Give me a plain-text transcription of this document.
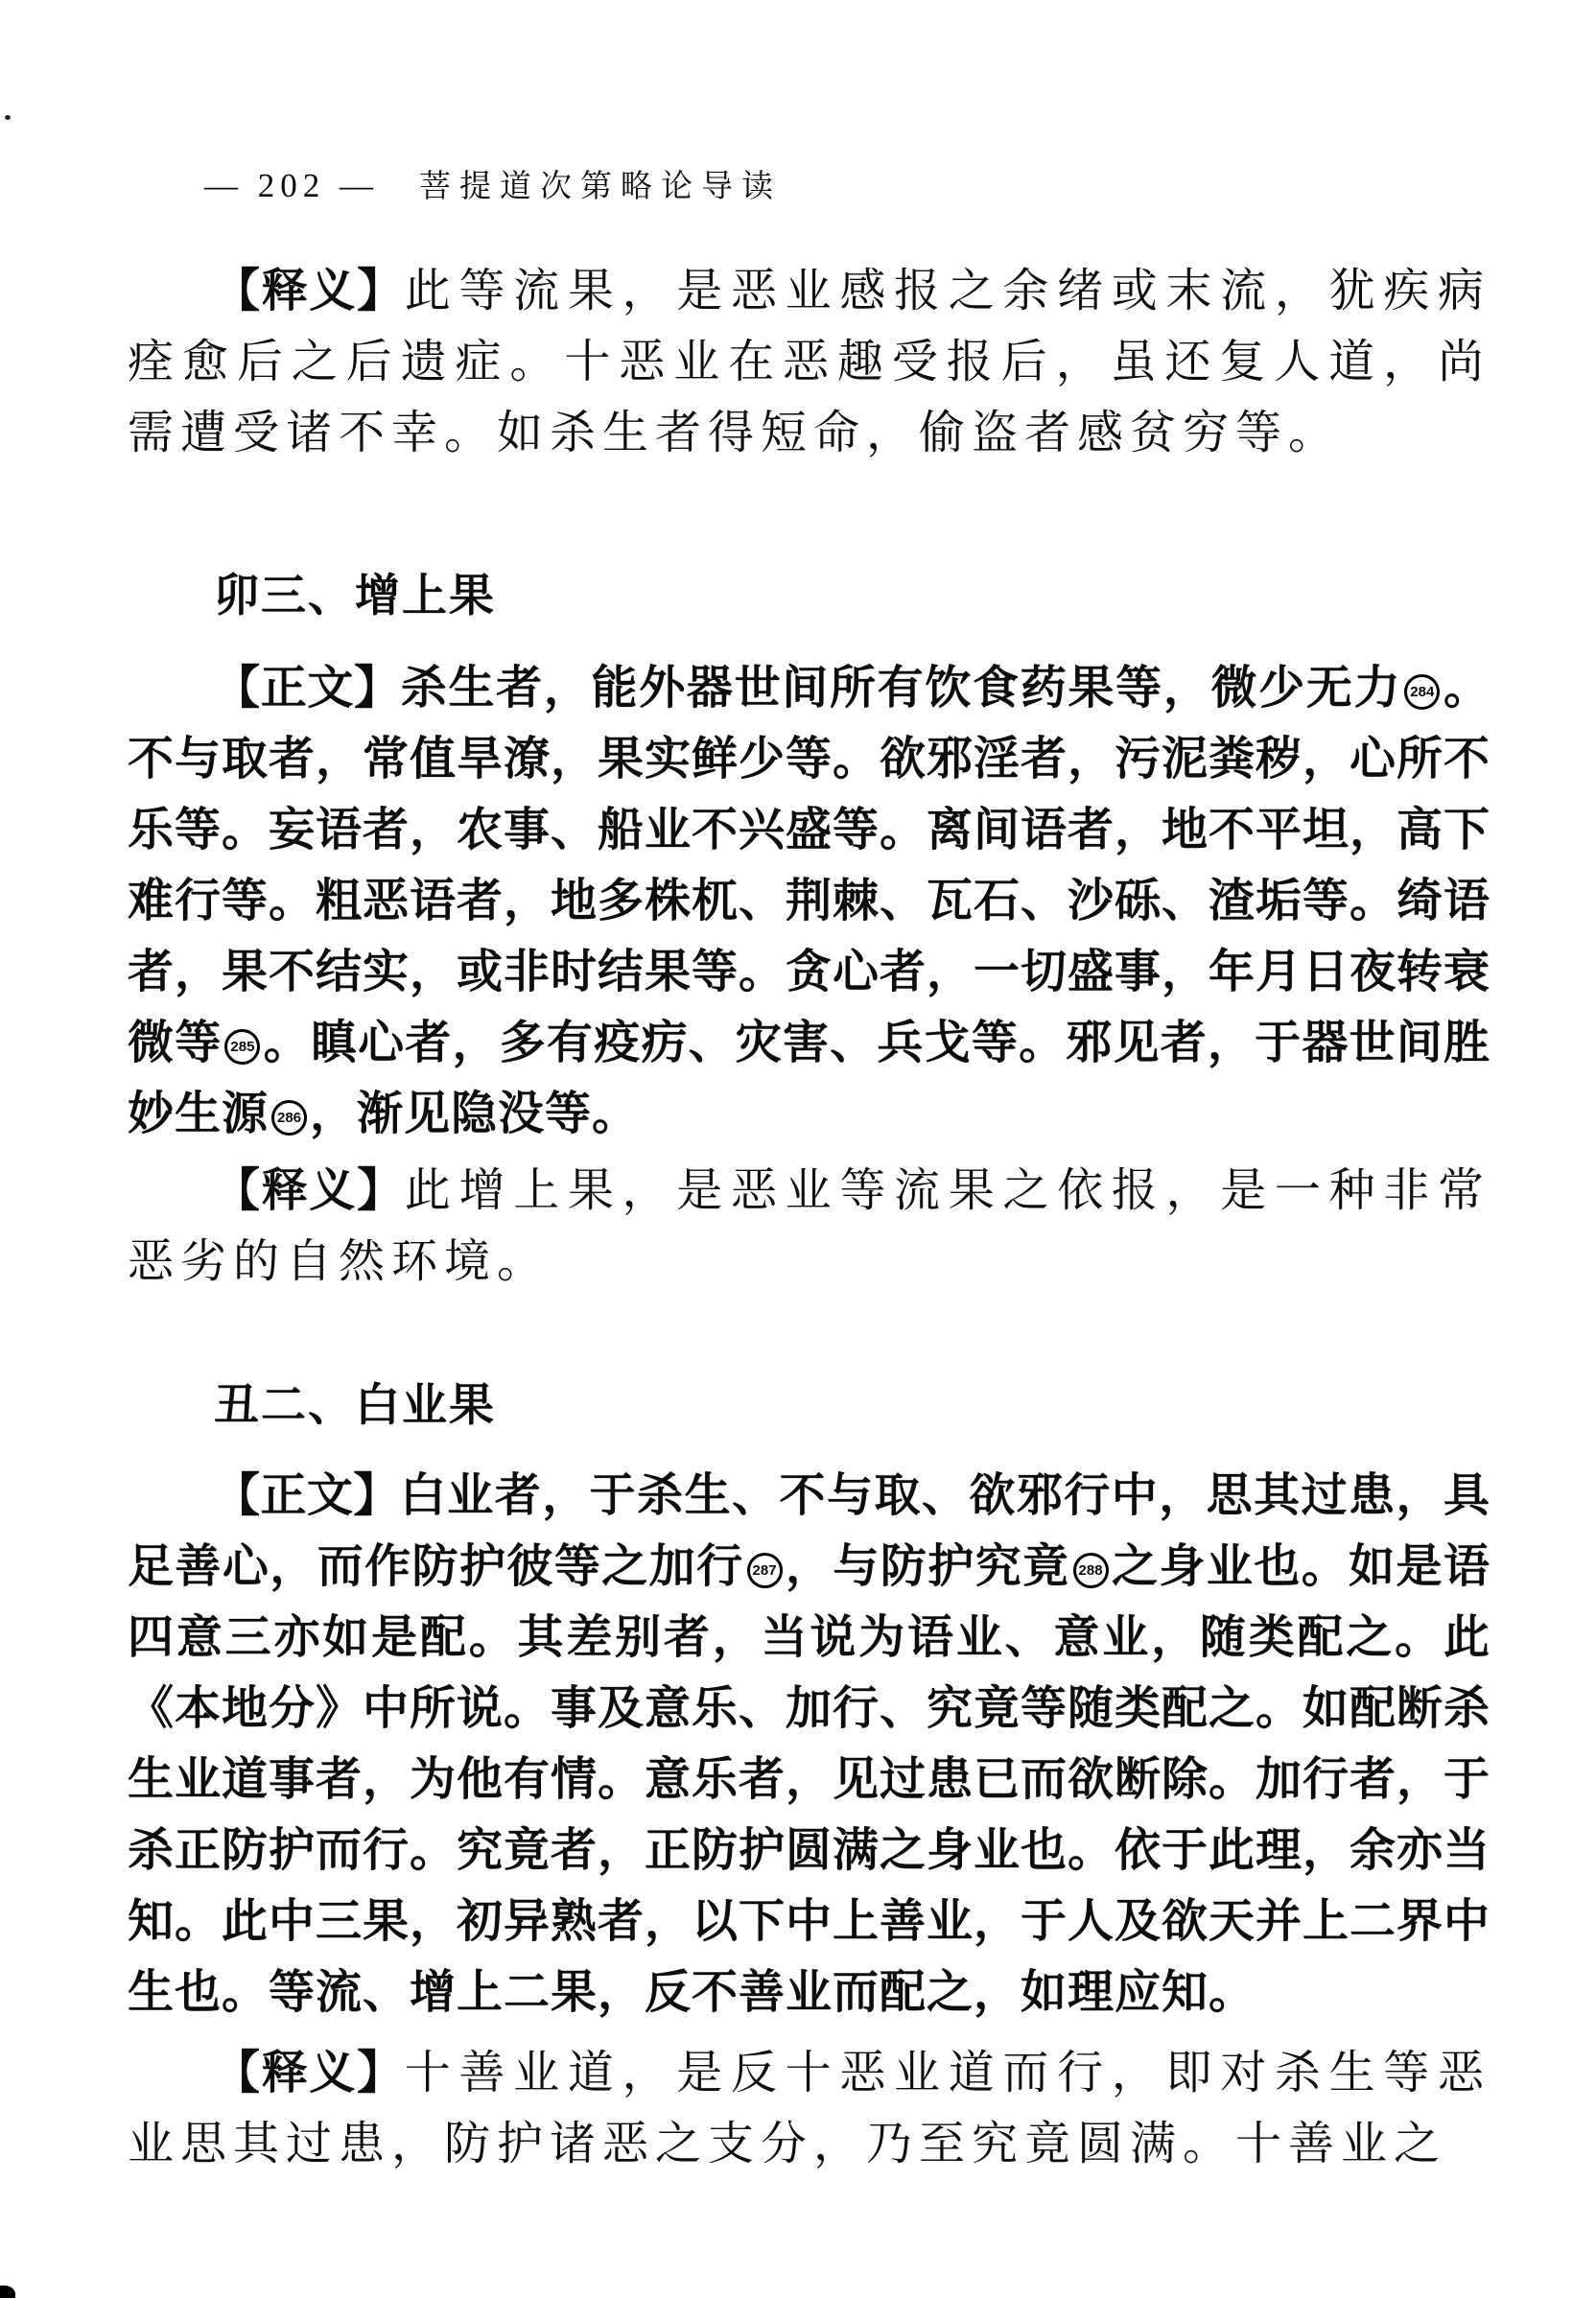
— 202 — 菩提道次第略论导读

【释义】此等流果，是恶业感报之余绪或末流，犹疾病痊愈后之后遗症。十恶业在恶趣受报后，虽还复人道，尚需遭受诸不幸。如杀生者得短命，偷盗者感贫穷等。

卯三、增上果

【正文】杀生者，能外器世间所有饮食药果等，微少无力 284 。不与取者，常值旱潦，果实鲜少等。欲邪淫者，污泥粪秽，心所不乐等。妄语者，农事、船业不兴盛等。离间语者，地不平坦，高下难行等。粗恶语者，地多株杌、荆棘、瓦石、沙砾、渣垢等。绮语者，果不结实，或非时结果等。贪心者，一切盛事，年月日夜转衰微等 285 。瞋心者，多有疫疠、灾害、兵戈等。邪见者，于器世间胜妙生源 286 ，渐见隐没等。

【释义】此增上果，是恶业等流果之依报，是一种非常恶劣的自然环境。

丑二、白业果

【正文】白业者，于杀生、不与取、欲邪行中，思其过患，具足善心，而作防护彼等之加行 287 ，与防护究竟 288 之身业也。如是语四意三亦如是配。其差别者，当说为语业、意业，随类配之。此《本地分》中所说。事及意乐、加行、究竟等随类配之。如配断杀生业道事者，为他有情。意乐者，见过患已而欲断除。加行者，于杀正防护而行。究竟者，正防护圆满之身业也。依于此理，余亦当知。此中三果，初异熟者，以下中上善业，于人及欲天并上二界中生也。等流、增上二果，反不善业而配之，如理应知。

【释义】十善业道，是反十恶业道而行，即对杀生等恶业思其过患，防护诸恶之支分，乃至究竟圆满。十善业之
